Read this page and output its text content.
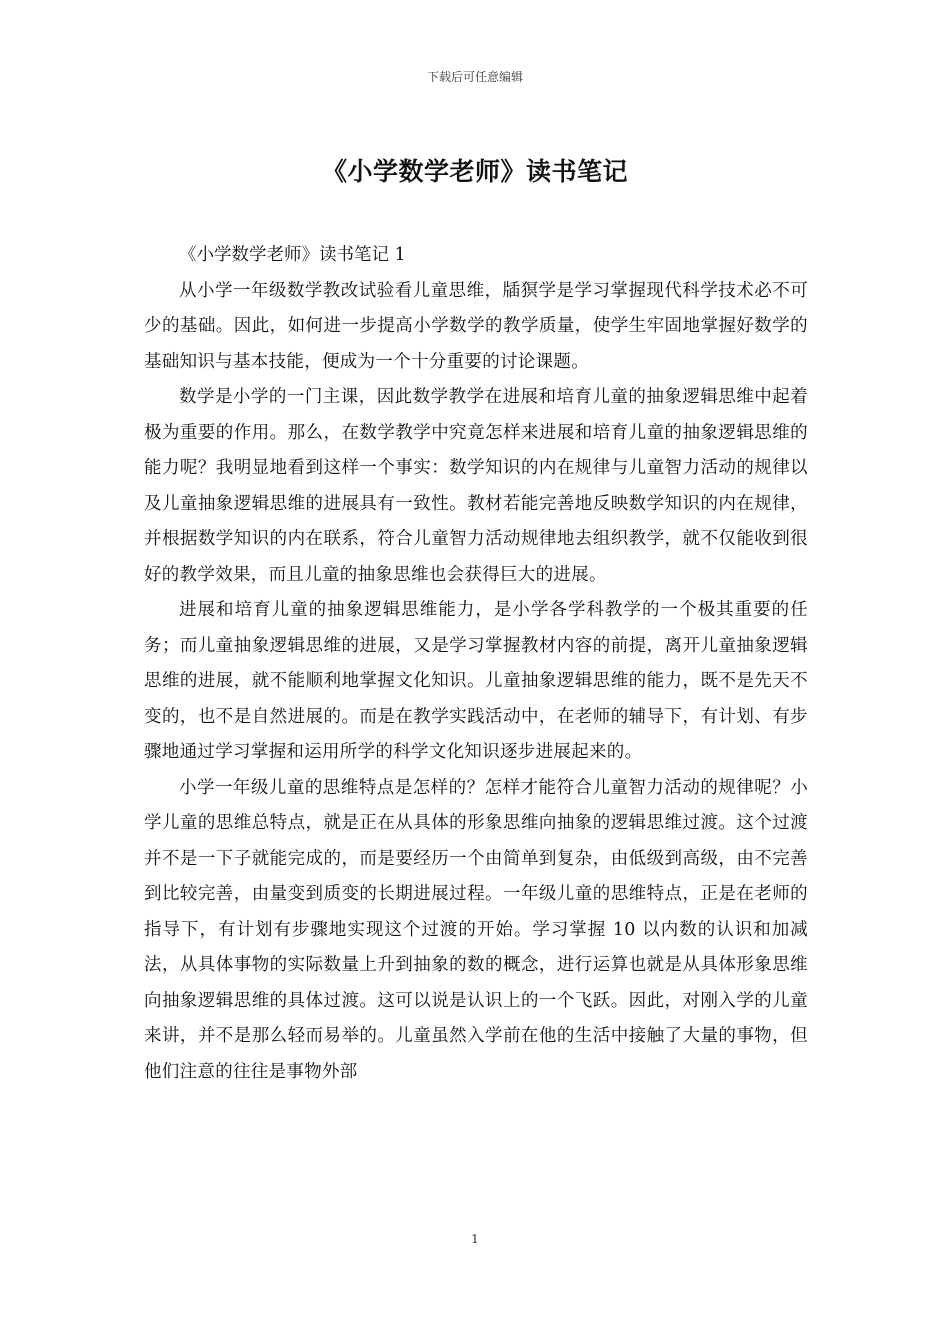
下载后可任意编辑
《小学数学老师》读书笔记

《小学数学老师》读书笔记 1

从小学一年级数学教改试验看儿童思维，牐猽学是学习掌握现代科学技术必不可少的基础。因此，如何进一步提高小学数学的教学质量，使学生牢固地掌握好数学的基础知识与基本技能，便成为一个十分重要的讨论课题。

数学是小学的一门主课，因此数学教学在进展和培育儿童的抽象逻辑思维中起着极为重要的作用。那么，在数学教学中究竟怎样来进展和培育儿童的抽象逻辑思维的能力呢？我明显地看到这样一个事实：数学知识的内在规律与儿童智力活动的规律以及儿童抽象逻辑思维的进展具有一致性。教材若能完善地反映数学知识的内在规律，并根据数学知识的内在联系，符合儿童智力活动规律地去组织教学，就不仅能收到很好的教学效果，而且儿童的抽象思维也会获得巨大的进展。

进展和培育儿童的抽象逻辑思维能力，是小学各学科教学的一个极其重要的任务；而儿童抽象逻辑思维的进展，又是学习掌握教材内容的前提，离开儿童抽象逻辑思维的进展，就不能顺利地掌握文化知识。儿童抽象逻辑思维的能力，既不是先天不变的，也不是自然进展的。而是在教学实践活动中，在老师的辅导下，有计划、有步骤地通过学习掌握和运用所学的科学文化知识逐步进展起来的。

小学一年级儿童的思维特点是怎样的？怎样才能符合儿童智力活动的规律呢？小学儿童的思维总特点，就是正在从具体的形象思维向抽象的逻辑思维过渡。这个过渡并不是一下子就能完成的，而是要经历一个由简单到复杂，由低级到高级，由不完善到比较完善，由量变到质变的长期进展过程。一年级儿童的思维特点，正是在老师的指导下，有计划有步骤地实现这个过渡的开始。学习掌握 10 以内数的认识和加减法，从具体事物的实际数量上升到抽象的数的概念，进行运算也就是从具体形象思维向抽象逻辑思维的具体过渡。这可以说是认识上的一个飞跃。因此，对刚入学的儿童来讲，并不是那么轻而易举的。儿童虽然入学前在他的生活中接触了大量的事物，但他们注意的往往是事物外部

1
